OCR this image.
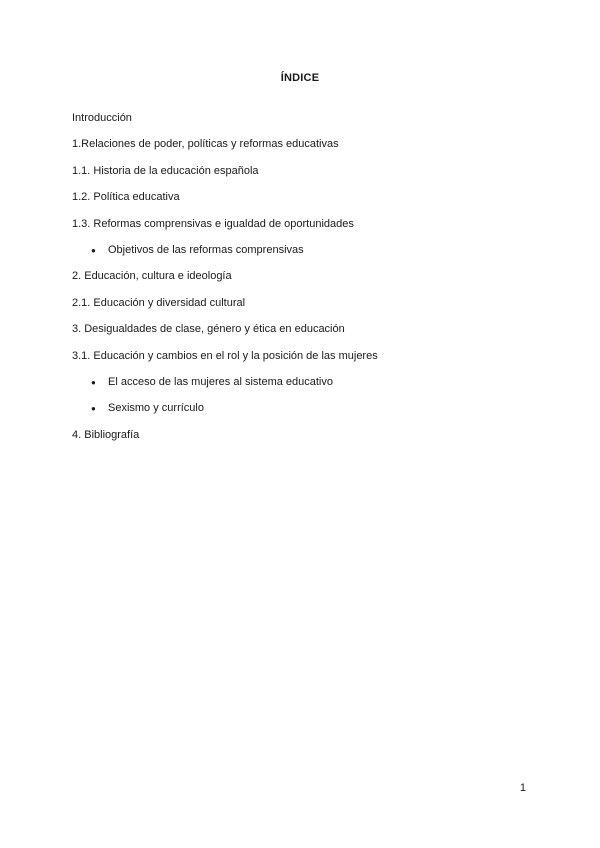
ÍNDICE
Introducción
1.Relaciones de poder, políticas y reformas educativas
1.1. Historia de la educación española
1.2. Política educativa
1.3. Reformas comprensivas e igualdad de oportunidades
● Objetivos de las reformas comprensivas
2. Educación, cultura e ideología
2.1. Educación y diversidad cultural
3. Desigualdades de clase, género y ética en educación
3.1. Educación y cambios en el rol y la posición de las mujeres
● El acceso de las mujeres al sistema educativo
● Sexismo y currículo
4. Bibliografía
1
